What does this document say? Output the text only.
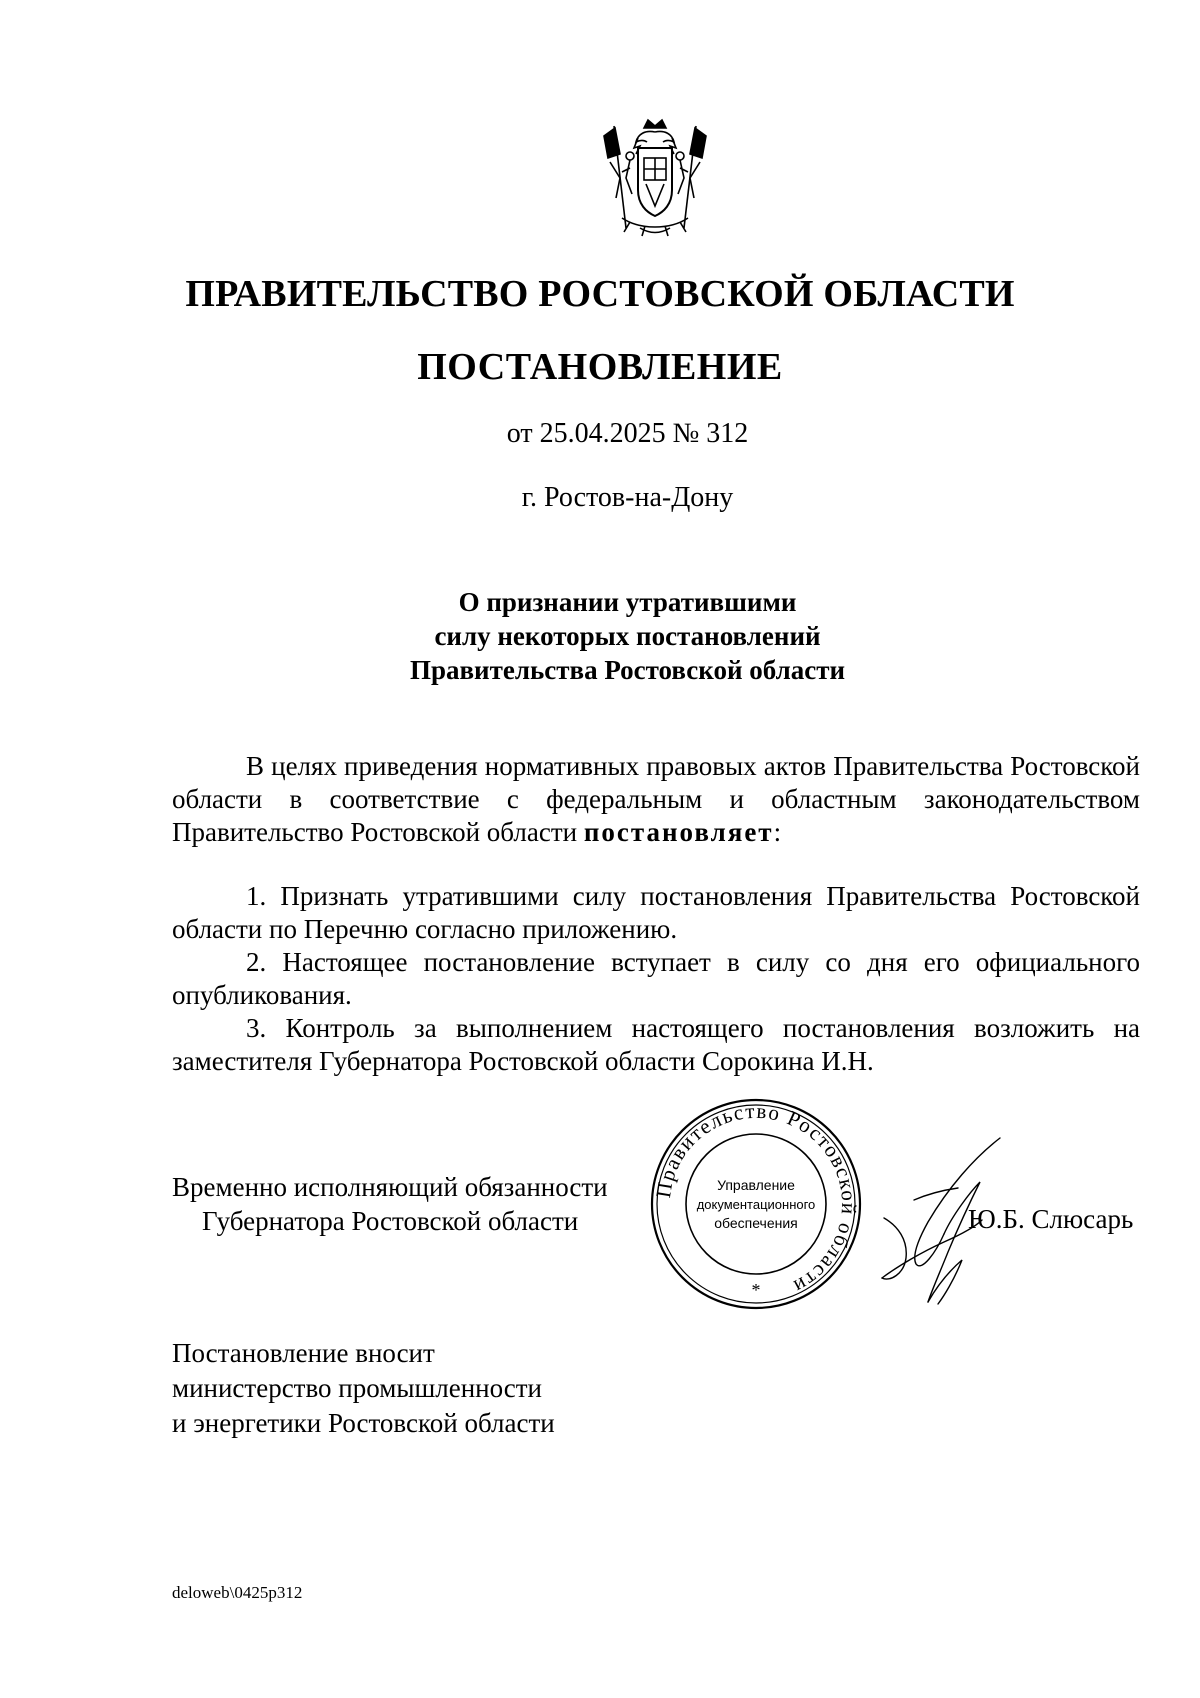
ПРАВИТЕЛЬСТВО РОСТОВСКОЙ ОБЛАСТИ
ПОСТАНОВЛЕНИЕ
от 25.04.2025 № 312
г. Ростов-на-Дону
О признании утратившими
силу некоторых постановлений
Правительства Ростовской области

В целях приведения нормативных правовых актов Правительства Ростовской области в соответствие с федеральным и областным законодательством Правительство Ростовской области постановляет:

1. Признать утратившими силу постановления Правительства Ростовской области по Перечню согласно приложению.

2. Настоящее постановление вступает в силу со дня его официального опубликования.

3. Контроль за выполнением настоящего постановления возложить на заместителя Губернатора Ростовской области Сорокина И.Н.

Временно исполняющий обязанности
Губернатора Ростовской области
Правительство Ростовской области
Управление
документационного
обеспечения
*
Ю.Б. Слюсарь
Постановление вносит
министерство промышленности
и энергетики Ростовской области
deloweb\0425p312
